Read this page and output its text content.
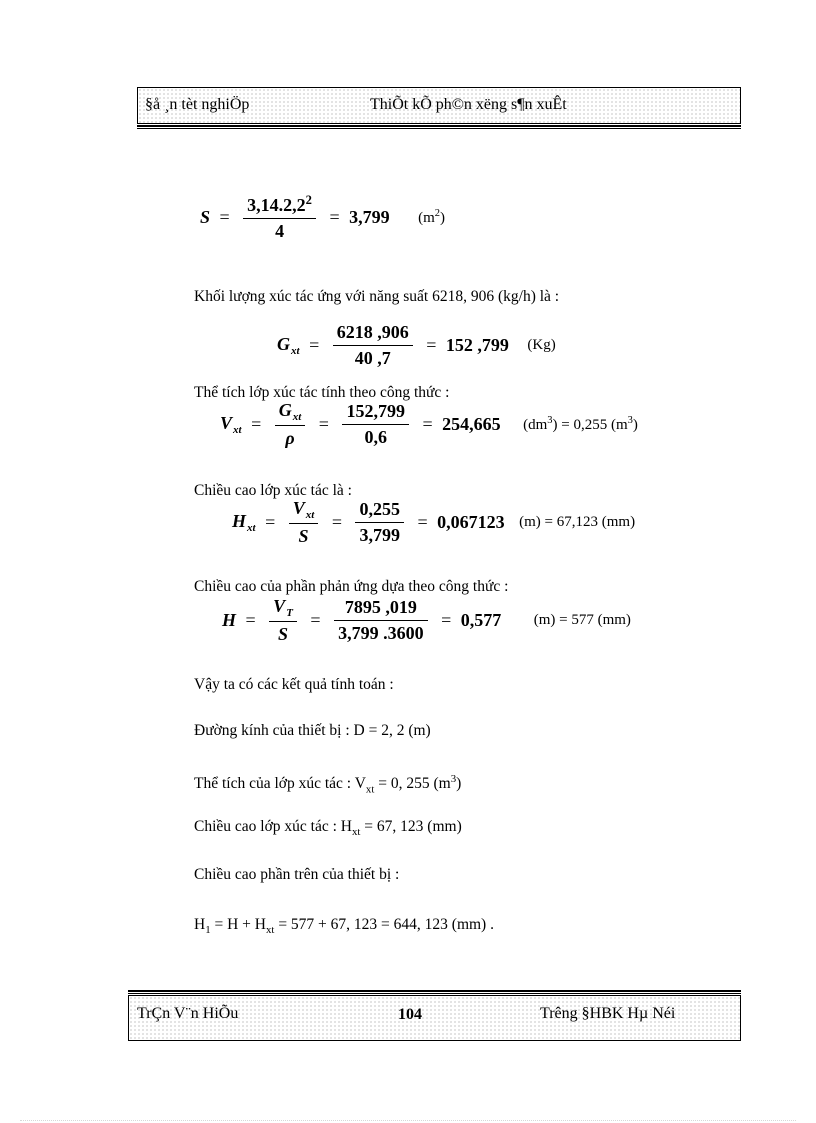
§å ¸n tèt nghiÖp	ThiÕt kÕ ph©n xëng s¶n xuÊt
$S = \frac{3,14.2,2^2}{4} = 3,799$ $(m^2)$
Khối lượng xúc tác ứng với năng suất 6218, 906 (kg/h) là :
$G_{xt} = \frac{6218 ,906}{40 ,7} = 152$ ,799 (Kg)
Thể tích lớp xúc tác tính theo công thức :
$V_{xt} = \frac{G_{xt}}{\rho} = \frac{152,799}{0,6} = 254,665$ $(dm^3) = 0,255$ $(m^3)$
Chiều cao lớp xúc tác là :
$H_{xt} = \frac{V_{xt}}{S} = \frac{0,255}{3,799} = 0,067123$ (m) = 67,123 (mm)
Chiều cao của phần phản ứng dựa theo công thức :
$H = \frac{V_T}{S} = \frac{7895 ,019}{3,799 .3600} = 0,577$ (m) = 577 (mm)
Vậy ta có các kết quả tính toán :
Đường kính của thiết bị : D = 2, 2 (m)
Thể tích của lớp xúc tác : $V_{xt} = 0$, 255 $(m^3)$
Chiều cao lớp xúc tác : $H_{xt} = 67$, 123 (mm)
Chiều cao phần trên của thiết bị :
$H_1 = H + H_{xt} = 577 + 67$, 123 = 644, 123 (mm) .
TrÇn V¨n HiÕu	104	Trêng §HBK Hµ Néi
